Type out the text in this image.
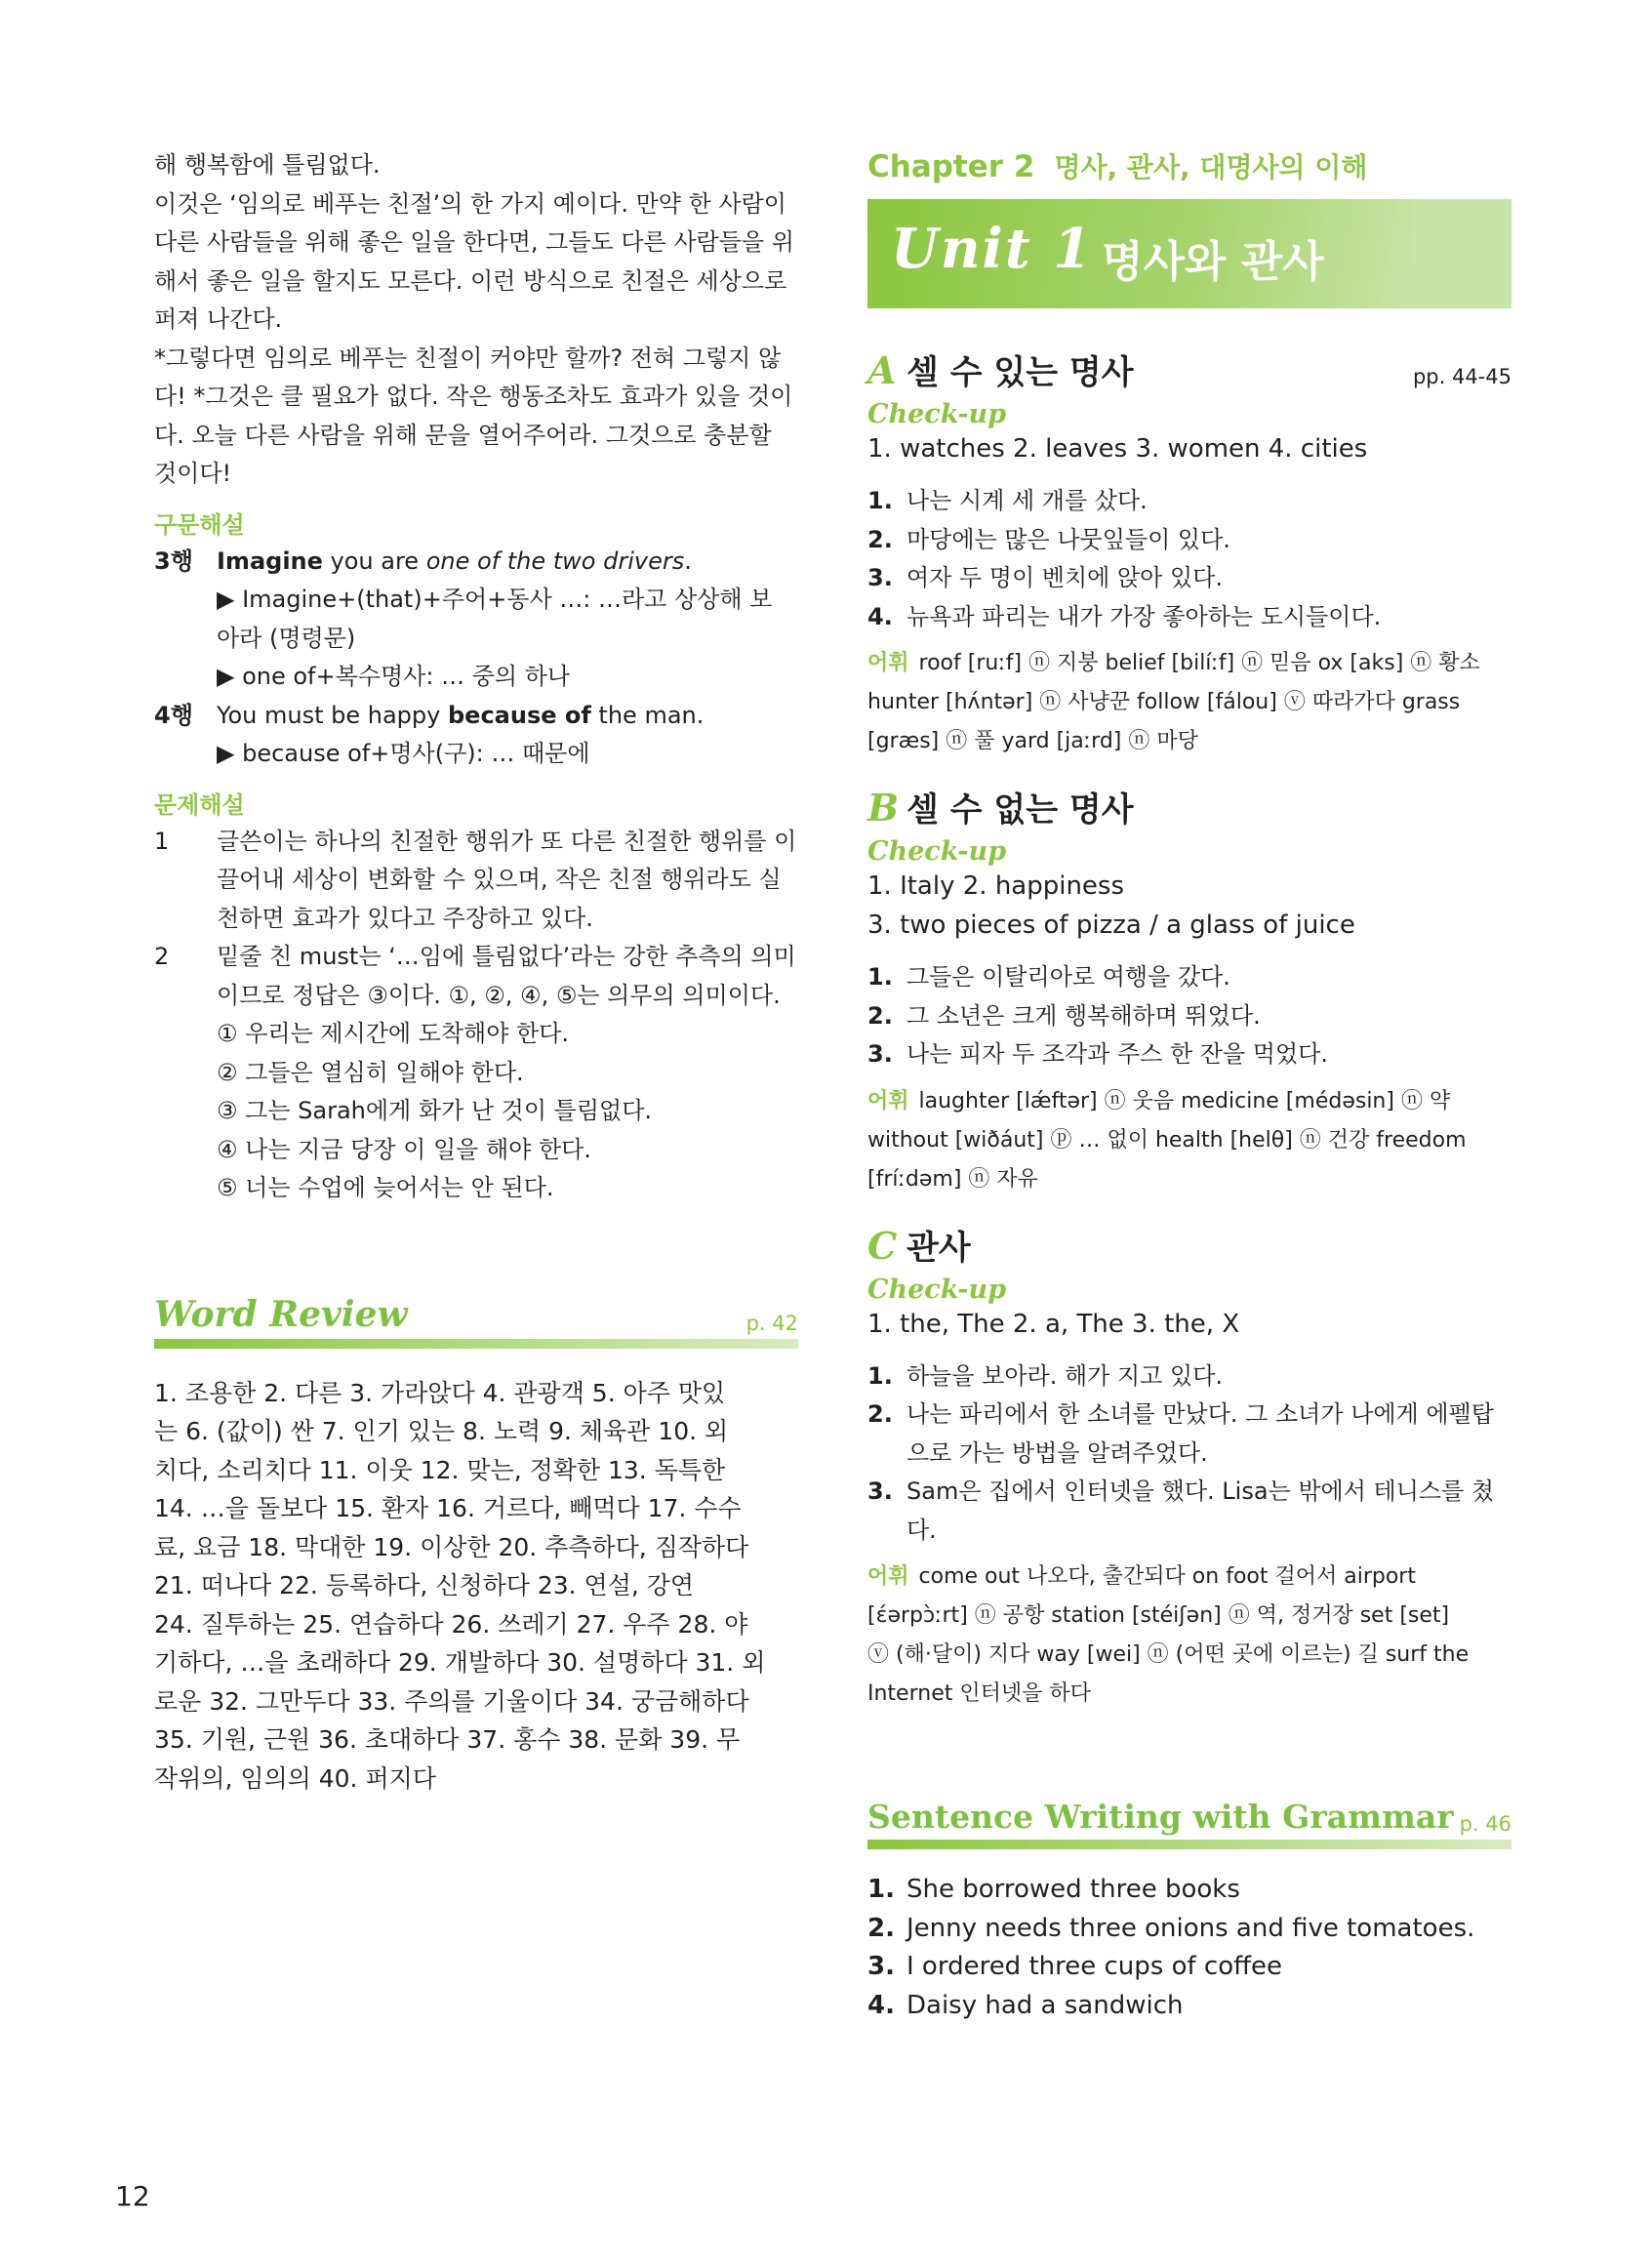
해 행복함에 틀림없다.

이것은 ‘임의로 베푸는 친절’의 한 가지 예이다. 만약 한 사람이

다른 사람들을 위해 좋은 일을 한다면, 그들도 다른 사람들을 위

해서 좋은 일을 할지도 모른다. 이런 방식으로 친절은 세상으로

퍼져 나간다.

*그렇다면 임의로 베푸는 친절이 커야만 할까? 전혀 그렇지 않

다! *그것은 클 필요가 없다. 작은 행동조차도 효과가 있을 것이

다. 오늘 다른 사람을 위해 문을 열어주어라. 그것으로 충분할

것이다!

구문해설
3행	Imagine you are one of the two drivers.
▶ Imagine+(that)+주어+동사 …: …라고 상상해 보
아라 (명령문)
▶ one of+복수명사: … 중의 하나
4행	You must be happy because of the man.
▶ because of+명사(구): … 때문에
문제해설
1	글쓴이는 하나의 친절한 행위가 또 다른 친절한 행위를 이
끌어내 세상이 변화할 수 있으며, 작은 친절 행위라도 실
천하면 효과가 있다고 주장하고 있다.
2	밑줄 친 must는 ‘…임에 틀림없다’라는 강한 추측의 의미
이므로 정답은 ③이다. ①, ②, ④, ⑤는 의무의 의미이다.
① 우리는 제시간에 도착해야 한다.
② 그들은 열심히 일해야 한다.
③ 그는 Sarah에게 화가 난 것이 틀림없다.
④ 나는 지금 당장 이 일을 해야 한다.
⑤ 너는 수업에 늦어서는 안 된다.
Word Review	p. 42
1. 조용한 2. 다른 3. 가라앉다 4. 관광객 5. 아주 맛있
는 6. (값이) 싼 7. 인기 있는 8. 노력 9. 체육관 10. 외
치다, 소리치다 11. 이웃 12. 맞는, 정확한 13. 독특한
14. …을 돌보다 15. 환자 16. 거르다, 빼먹다 17. 수수
료, 요금 18. 막대한 19. 이상한 20. 추측하다, 짐작하다
21. 떠나다 22. 등록하다, 신청하다 23. 연설, 강연
24. 질투하는 25. 연습하다 26. 쓰레기 27. 우주 28. 야
기하다, …을 초래하다 29. 개발하다 30. 설명하다 31. 외
로운 32. 그만두다 33. 주의를 기울이다 34. 궁금해하다
35. 기원, 근원 36. 초대하다 37. 홍수 38. 문화 39. 무
작위의, 임의의 40. 퍼지다
Chapter 2 명사, 관사, 대명사의 이해
Unit 1 명사와 관사
A 셀 수 있는 명사	pp. 44-45
Check-up
1. watches 2. leaves 3. women 4. cities
1. 나는 시계 세 개를 샀다.
2. 마당에는 많은 나뭇잎들이 있다.
3. 여자 두 명이 벤치에 앉아 있다.
4. 뉴욕과 파리는 내가 가장 좋아하는 도시들이다.
어휘 roof [ruːf] ⓝ 지붕 belief [bilíːf] ⓝ 믿음 ox [aks] ⓝ 황소
hunter [hʌ́ntər] ⓝ 사냥꾼 follow [fálou] ⓥ 따라가다 grass
[græs] ⓝ 풀 yard [jaːrd] ⓝ 마당
B 셀 수 없는 명사
Check-up
1. Italy 2. happiness
3. two pieces of pizza / a glass of juice
1. 그들은 이탈리아로 여행을 갔다.
2. 그 소년은 크게 행복해하며 뛰었다.
3. 나는 피자 두 조각과 주스 한 잔을 먹었다.
어휘 laughter [lǽftər] ⓝ 웃음 medicine [médəsin] ⓝ 약
without [wiðáut] ⓟ … 없이 health [helθ] ⓝ 건강 freedom
[fríːdəm] ⓝ 자유
C 관사
Check-up
1. the, The 2. a, The 3. the, X
1. 하늘을 보아라. 해가 지고 있다.
2. 나는 파리에서 한 소녀를 만났다. 그 소녀가 나에게 에펠탑
으로 가는 방법을 알려주었다.
3. Sam은 집에서 인터넷을 했다. Lisa는 밖에서 테니스를 쳤
다.
어휘 come out 나오다, 출간되다 on foot 걸어서 airport
[ɛ́ərpɔ̀ːrt] ⓝ 공항 station [stéiʃən] ⓝ 역, 정거장 set [set]
ⓥ (해·달이) 지다 way [wei] ⓝ (어떤 곳에 이르는) 길 surf the
Internet 인터넷을 하다
Sentence Writing with Grammar p. 46
1. She borrowed three books
2. Jenny needs three onions and five tomatoes.
3. I ordered three cups of coffee
4. Daisy had a sandwich
12
